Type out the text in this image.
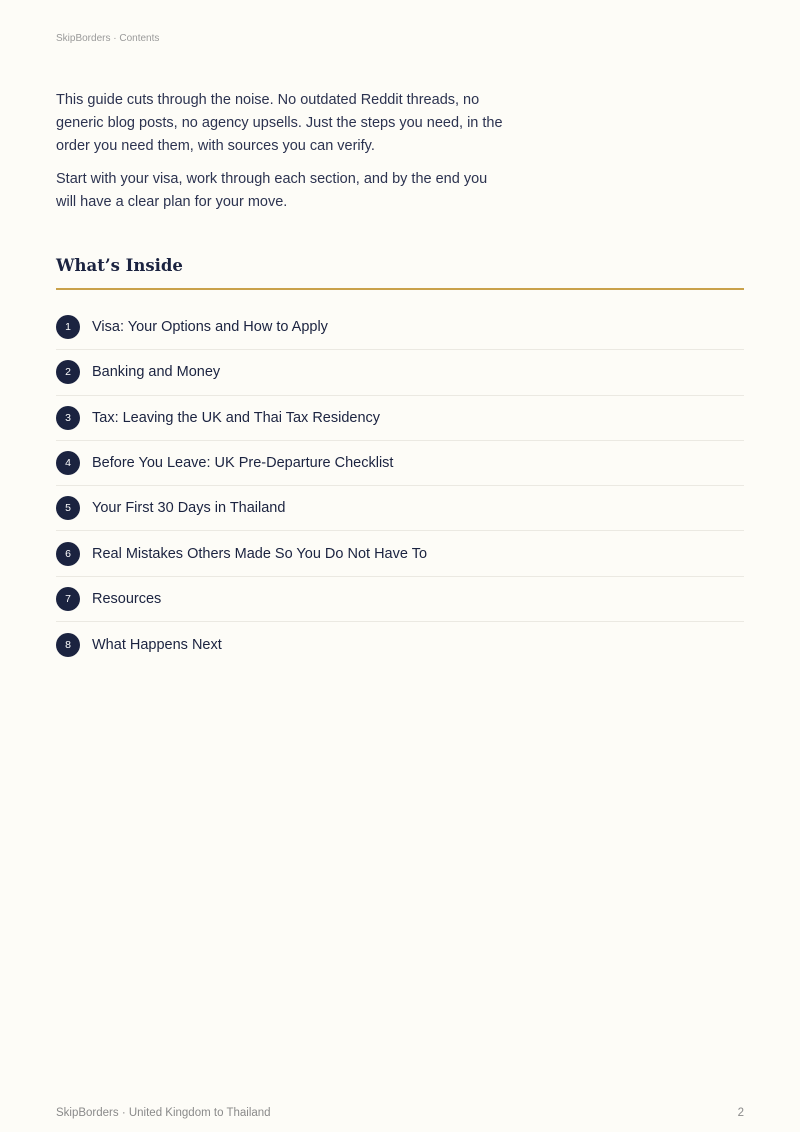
SkipBorders · Contents

This guide cuts through the noise. No outdated Reddit threads, no generic blog posts, no agency upsells. Just the steps you need, in the order you need them, with sources you can verify.

Start with your visa, work through each section, and by the end you will have a clear plan for your move.

What’s Inside
1	Visa: Your Options and How to Apply
2	Banking and Money
3	Tax: Leaving the UK and Thai Tax Residency
4	Before You Leave: UK Pre-Departure Checklist
5	Your First 30 Days in Thailand
6	Real Mistakes Others Made So You Do Not Have To
7	Resources
8	What Happens Next
SkipBorders · United Kingdom to Thailand	2
